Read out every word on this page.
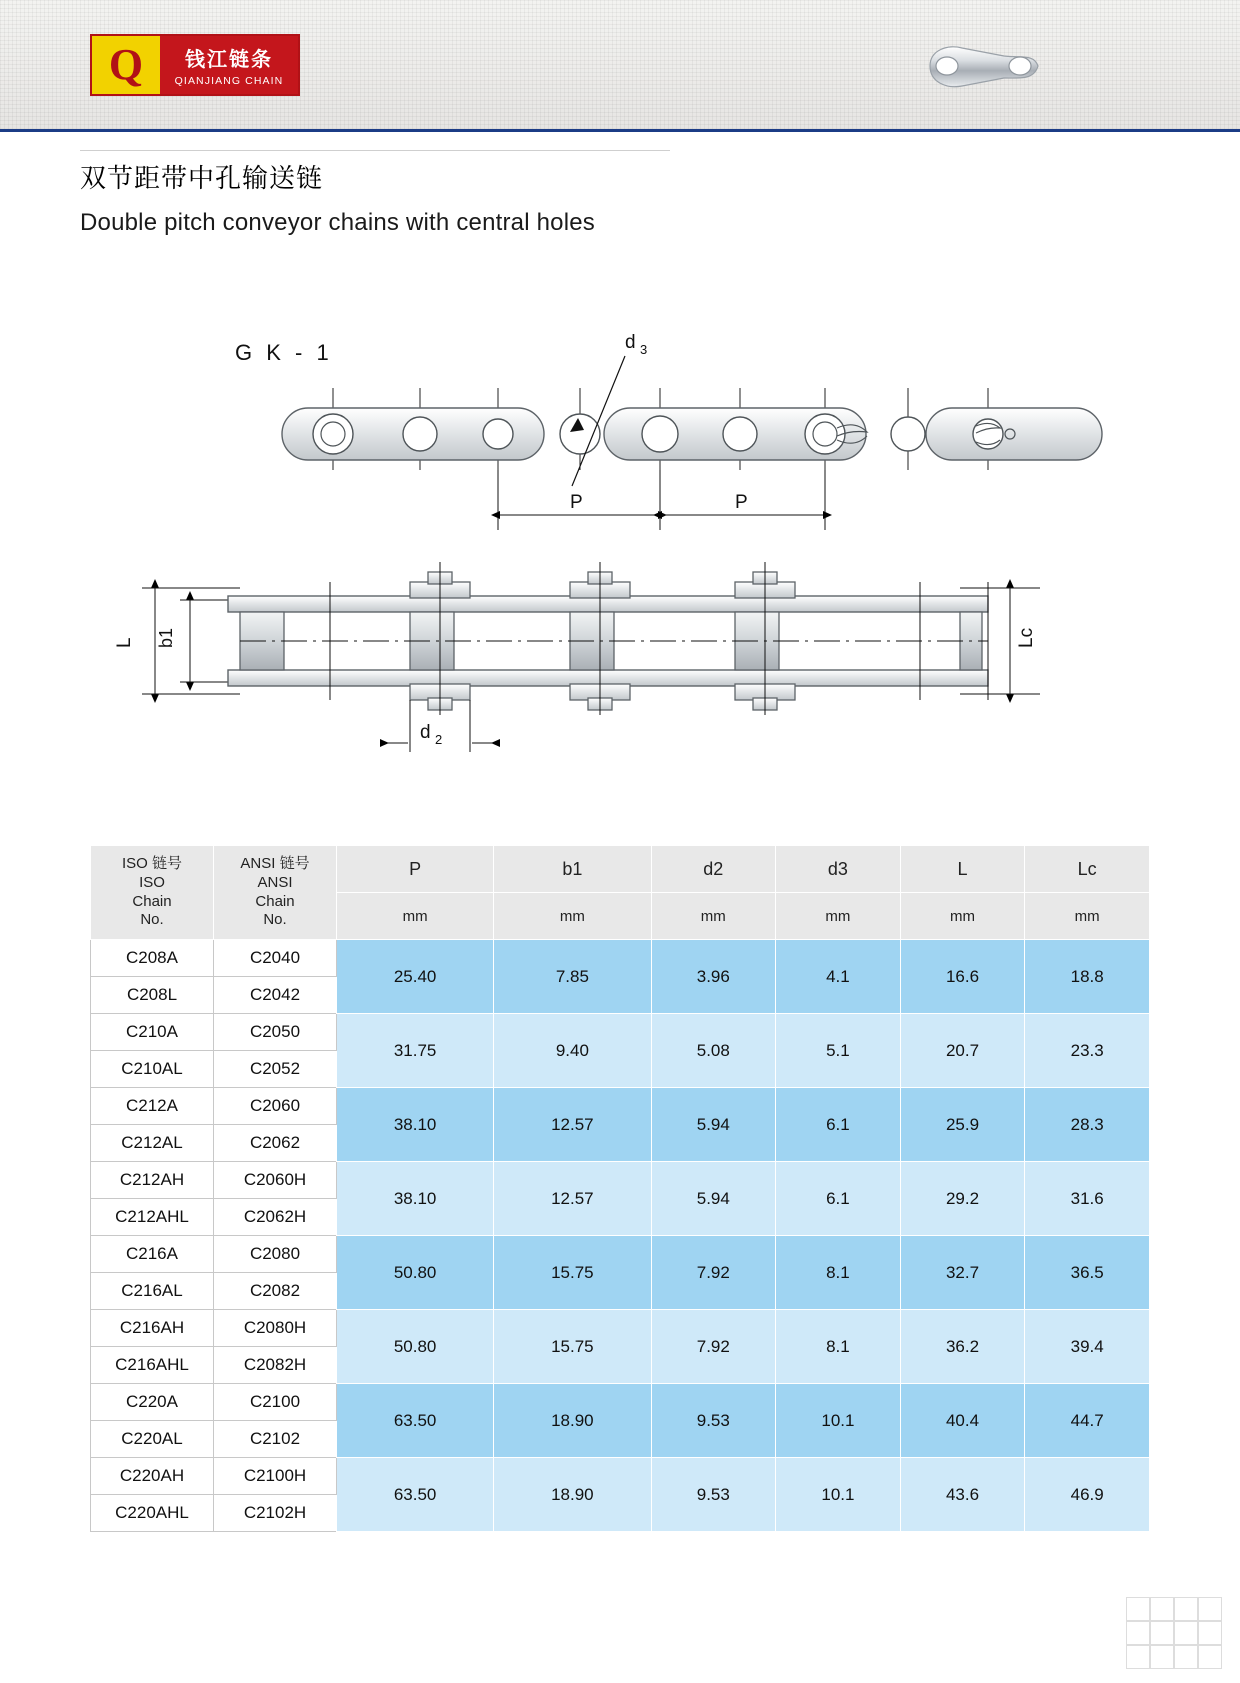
Q 钱江链条
QIANJIANG CHAIN
双节距带中孔输送链
Double pitch conveyor chains with central holes
G K - 1	d 3
P	P
L b1	Lc
d 2
ISO 链号
ISO
Chain
No.

ANSI 链号
ANSI
Chain
No.
	P	b1	d2	d3	L	Lc
		mm	mm	mm	mm	mm	mm
C208A	C2040	25.40	7.85	3.96	4.1	16.6	18.8
C208L	C2042						
C210A	C2050	31.75	9.40	5.08	5.1	20.7	23.3
C210AL	C2052						
C212A	C2060	38.10	12.57	5.94	6.1	25.9	28.3
C212AL	C2062						
C212AH	C2060H	38.10	12.57	5.94	6.1	29.2	31.6
C212AHL	C2062H						
C216A	C2080	50.80	15.75	7.92	8.1	32.7	36.5
C216AL	C2082						
C216AH	C2080H	50.80	15.75	7.92	8.1	36.2	39.4
C216AHL	C2082H						
C220A	C2100	63.50	18.90	9.53	10.1	40.4	44.7
C220AL	C2102						
C220AH	C2100H	63.50	18.90	9.53	10.1	43.6	46.9
C220AHL	C2102H						
